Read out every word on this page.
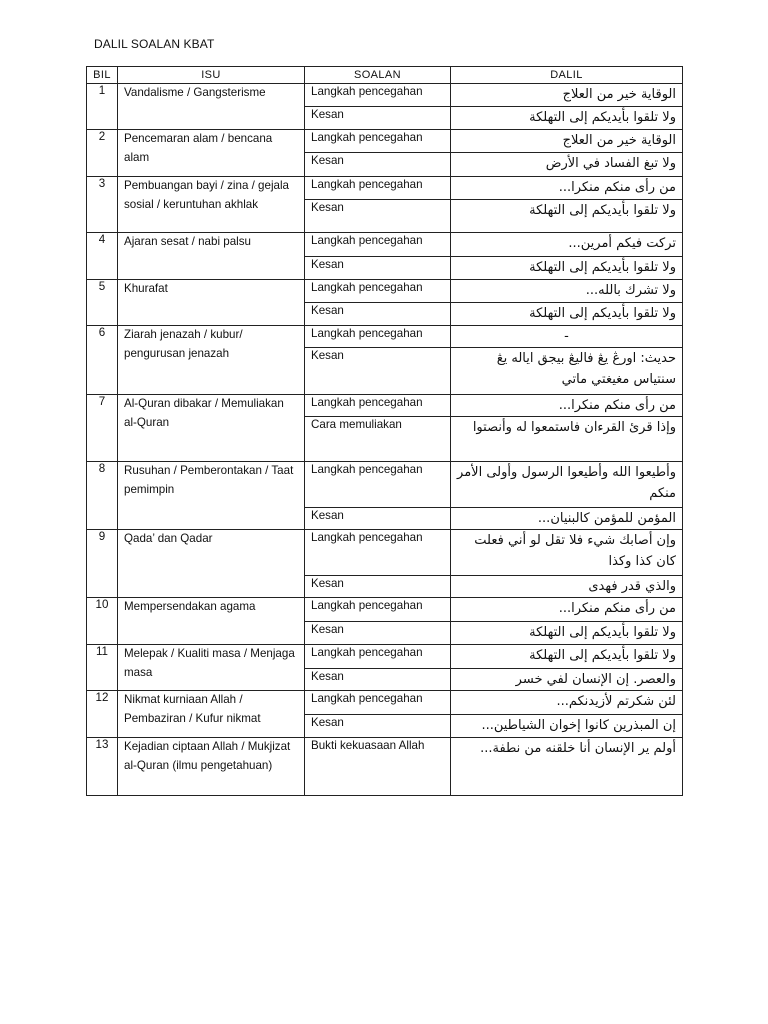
DALIL SOALAN KBAT
BIL	ISU	SOALAN	DALIL
1	Vandalisme / Gangsterisme	Langkah pencegahan	الوقاية خير من العلاج
		Kesan	ولا تلقوا بأيديكم إلى التهلكة
2	Pencemaran alam / bencana alam	Langkah pencegahan	الوقاية خير من العلاج
		Kesan	ولا تبغ الفساد في الأرض
3	Pembuangan bayi / zina / gejala sosial / keruntuhan akhlak	Langkah pencegahan	من رأى منكم منكرا...
		Kesan	ولا تلقوا بأيديكم إلى التهلكة
4	Ajaran sesat / nabi palsu	Langkah pencegahan	تركت فيكم أمرين...
		Kesan	ولا تلقوا بأيديكم إلى التهلكة
5	Khurafat	Langkah pencegahan	ولا تشرك بالله...
		Kesan	ولا تلقوا بأيديكم إلى التهلكة
6	Ziarah jenazah / kubur/ pengurusan jenazah	Langkah pencegahan	-
		Kesan	حديث: اورڠ يڠ فاليڠ بيجق اياله يڠ سنتياس مغيغتي ماتي
7	Al-Quran dibakar / Memuliakan al-Quran	Langkah pencegahan	من رأى منكم منكرا...
		Cara memuliakan	وإذا قرئ القرءان فاستمعوا له وأنصتوا
8	Rusuhan / Pemberontakan / Taat pemimpin	Langkah pencegahan	وأطيعوا الله وأطيعوا الرسول وأولى الأمر منكم
		Kesan	المؤمن للمؤمن كالبنيان...
9	Qada’ dan Qadar	Langkah pencegahan	وإن أصابك شيء فلا تقل لو أني فعلت كان كذا وكذا
		Kesan	والذي قدر فهدى
10	Mempersendakan agama	Langkah pencegahan	من رأى منكم منكرا...
		Kesan	ولا تلقوا بأيديكم إلى التهلكة
11	Melepak / Kualiti masa / Menjaga masa	Langkah pencegahan	ولا تلقوا بأيديكم إلى التهلكة
		Kesan	والعصر. إن الإنسان لفي خسر
12	Nikmat kurniaan Allah / Pembaziran / Kufur nikmat	Langkah pencegahan	لئن شكرتم لأزيدنكم...
		Kesan	إن المبذرين كانوا إخوان الشياطين...
13	Kejadian ciptaan Allah / Mukjizat al-Quran (ilmu pengetahuan)	Bukti kekuasaan Allah	أولم ير الإنسان أنا خلقنه من نطفة...
